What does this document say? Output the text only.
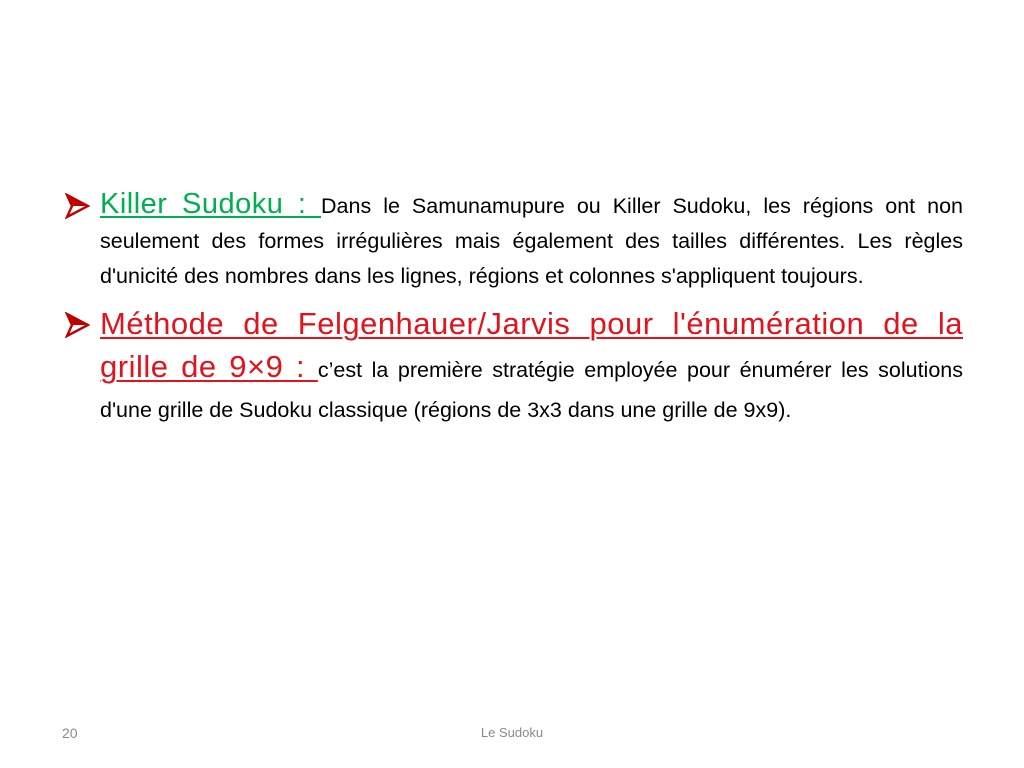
Killer Sudoku : Dans le Samunamupure ou Killer Sudoku, les régions ont non seulement des formes irrégulières mais également des tailles différentes. Les règles d'unicité des nombres dans les lignes, régions et colonnes s'appliquent toujours.
Méthode de Felgenhauer/Jarvis pour l'énumération de la grille de 9×9 : c’est la première stratégie employée pour énumérer les solutions d'une grille de Sudoku classique (régions de 3x3 dans une grille de 9x9).
20	Le Sudoku
